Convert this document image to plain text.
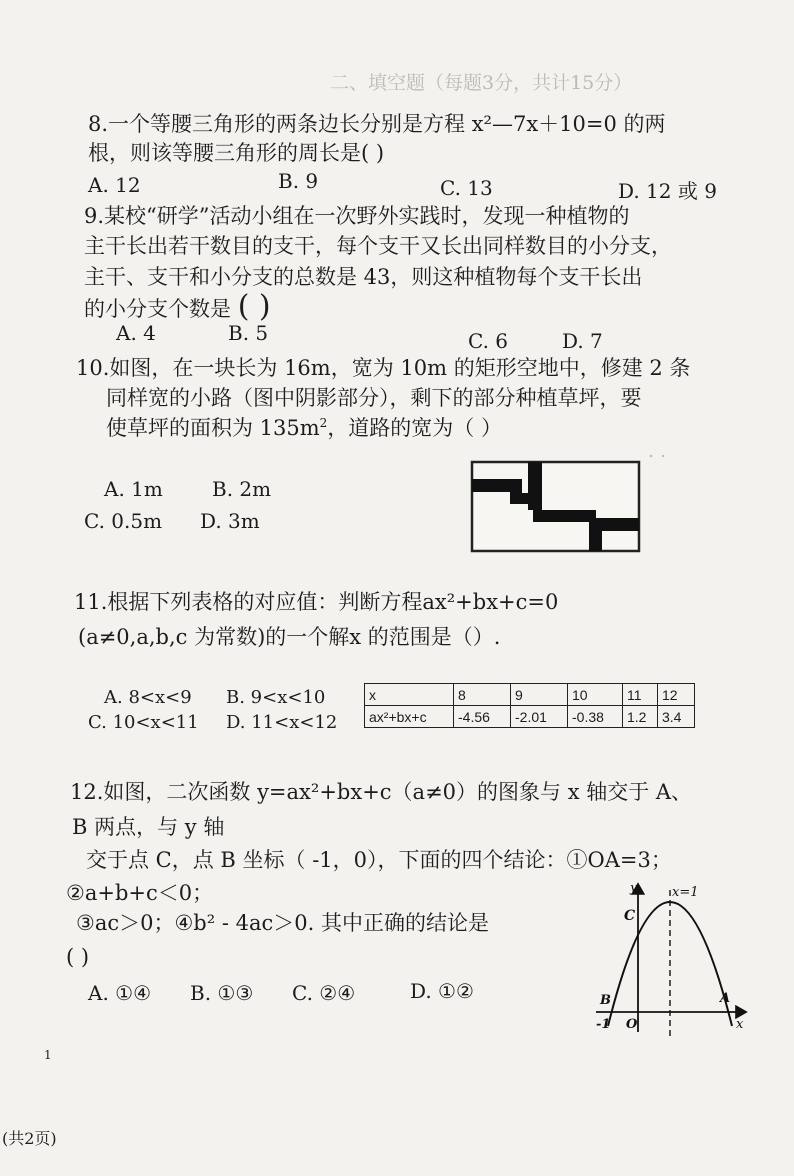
二、填空题（每题3分，共计15分）
8.一个等腰三角形的两条边长分别是方程 x²—7x＋10=0 的两
根，则该等腰三角形的周长是( )
A. 12	B. 9	C. 13	D. 12 或 9
9.某校“研学”活动小组在一次野外实践时，发现一种植物的
主干长出若干数目的支干，每个支干又长出同样数目的小分支，
主干、支干和小分支的总数是 43，则这种植物每个支干长出
的小分支个数是 ( )
A. 4	B. 5	C. 6	D. 7
10.如图，在一块长为 16m，宽为 10m 的矩形空地中，修建 2 条
同样宽的小路（图中阴影部分），剩下的部分种植草坪，要
使草坪的面积为 $135m^2$，道路的宽为（ ）
A. 1m B. 2m
C. 0.5m D. 3m
. .
11.根据下列表格的对应值：判断方程ax²+bx+c=0
(a≠0,a,b,c 为常数)的一个解x 的范围是（）.
A. 8<x<9 B. 9<x<10
C. 10<x<11 D. 11<x<12
x	8	9	10	11	12
ax²+bx+c	-4.56	-2.01	-0.38	1.2	3.4
12.如图，二次函数 y=ax²+bx+c（a≠0）的图象与 x 轴交于 A、
B 两点，与 y 轴
交于点 C，点 B 坐标（ -1，0），下面的四个结论：①OA=3；
②a+b+c＜0；
③ac＞0；④b² - 4ac＞0. 其中正确的结论是
( )
A. ①④ B. ①③ C. ②④	D. ①②
y	x=1
C
B	A
O
-1	x
1
(共2页)
